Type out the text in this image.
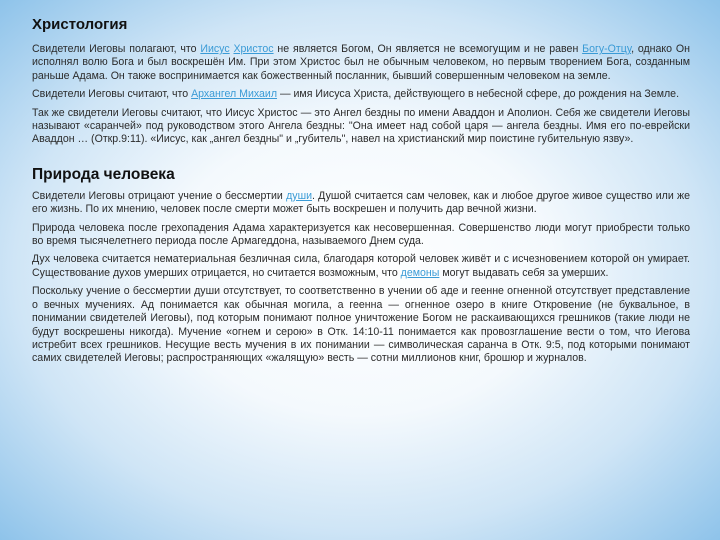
Христология

Свидетели Иеговы полагают, что Иисус Христос не является Богом, Он является не всемогущим и не равен Богу-Отцу, однако Он исполнял волю Бога и был воскрешён Им. При этом Христос был не обычным человеком, но первым творением Бога, созданным раньше Адама. Он также воспринимается как божественный посланник, бывший совершенным человеком на земле.

Свидетели Иеговы считают, что Архангел Михаил — имя Иисуса Христа, действующего в небесной сфере, до рождения на Земле.

Так же свидетели Иеговы считают, что Иисус Христос — это Ангел бездны по имени Аваддон и Аполион. Себя же свидетели Иеговы называют «саранчей» под руководством этого Ангела бездны: "Она имеет над собой царя — ангела бездны. Имя его по-еврейски Аваддон … (Откр.9:11). «Иисус, как „ангел бездны" и „губитель", навел на христианский мир поистине губительную язву».

Природа человека

Свидетели Иеговы отрицают учение о бессмертии души. Душой считается сам человек, как и любое другое живое существо или же его жизнь. По их мнению, человек после смерти может быть воскрешен и получить дар вечной жизни.

Природа человека после грехопадения Адама характеризуется как несовершенная. Совершенство люди могут приобрести только во время тысячелетнего периода после Армагеддона, называемого Днем суда.

Дух человека считается нематериальная безличная сила, благодаря которой человек живёт и с исчезновением которой он умирает. Существование духов умерших отрицается, но считается возможным, что демоны могут выдавать себя за умерших.

Поскольку учение о бессмертии души отсутствует, то соответственно в учении об аде и геенне огненной отсутствует представление о вечных мучениях. Ад понимается как обычная могила, а геенна — огненное озеро в книге Откровение (не буквальное, в понимании свидетелей Иеговы), под которым понимают полное уничтожение Богом не раскаивающихся грешников (такие люди не будут воскрешены никогда). Мучение «огнем и серою» в Отк. 14:10-11 понимается как провозглашение вести о том, что Иегова истребит всех грешников. Несущие весть мучения в их понимании — символическая саранча в Отк. 9:5, под которыми понимают самих свидетелей Иеговы; распространяющих «жалящую» весть — сотни миллионов книг, брошюр и журналов.
